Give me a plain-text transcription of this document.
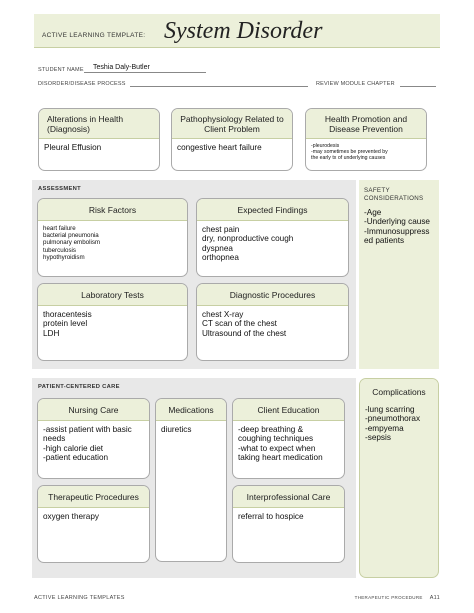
ACTIVE LEARNING TEMPLATE: System Disorder
STUDENT NAME Teshia Daly-Butler
DISORDER/DISEASE PROCESS	REVIEW MODULE CHAPTER
Alterations in Health (Diagnosis)
Pleural Effusion
Pathophysiology Related to Client Problem
congestive heart failure
Health Promotion and Disease Prevention
-pleurodesis
-may sometimes be prevented by
the early tx of underlying causes
ASSESSMENT
Risk Factors
heart failure
bacterial pneumonia
pulmonary embolism
tuberculosis
hypothyroidism
Expected Findings
chest pain
dry, nonproductive cough
dyspnea
orthopnea
Laboratory Tests
thoracentesis
protein level
LDH
Diagnostic Procedures
chest X-ray
CT scan of the chest
Ultrasound of the chest
SAFETY
CONSIDERATIONS
-Age
-Underlying cause
-Immunosuppress
ed patients
PATIENT-CENTERED CARE
Nursing Care
-assist patient with basic
needs
-high calorie diet
-patient education
Medications
diuretics
Client Education
-deep breathing &
coughing techniques
-what to expect when
taking heart medication
Therapeutic Procedures
oxygen therapy
Interprofessional Care
referral to hospice
Complications
-lung scarring
-pneumothorax
-empyema
-sepsis
ACTIVE LEARNING TEMPLATES	THERAPEUTIC PROCEDURE A11
